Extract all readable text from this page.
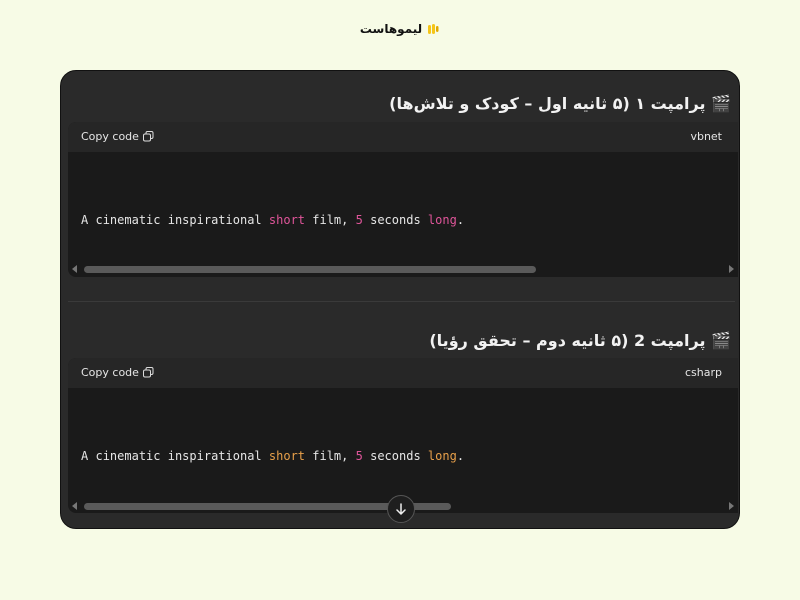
لیموهاست
🎬 پرامپت ۱ (۵ ثانیه اول – کودک و تلاش‌ها)
Copy code	vbnet

A cinematic inspirational short film, 5 seconds long.

🎬 پرامپت 2 (۵ ثانیه دوم – تحقق رؤیا)
Copy code	csharp

A cinematic inspirational short film, 5 seconds long.
